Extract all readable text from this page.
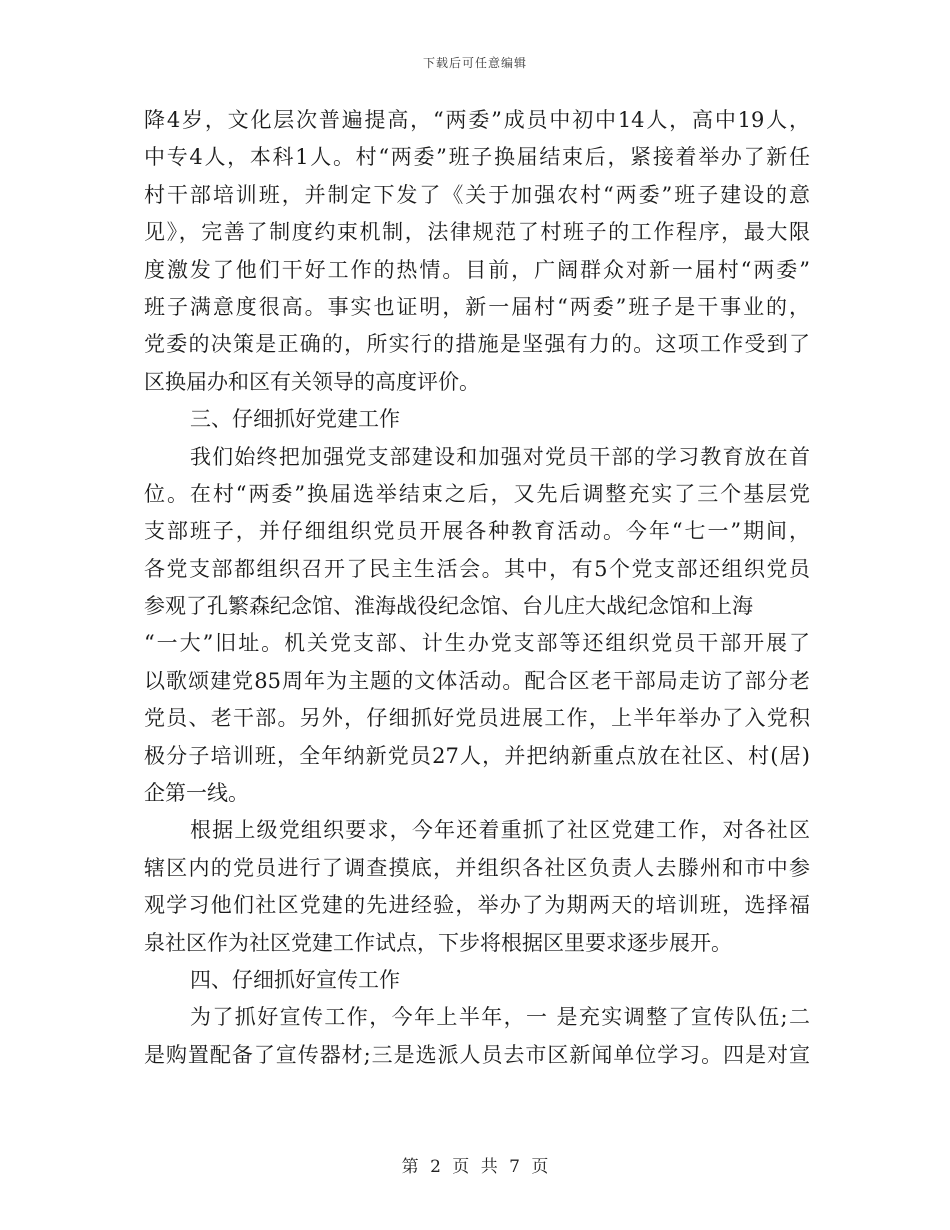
下载后可任意编辑
降4岁，文化层次普遍提高，“两委”成员中初中14人，高中19人，
中专4人，本科1人。村“两委”班子换届结束后，紧接着举办了新任
村干部培训班，并制定下发了《关于加强农村“两委”班子建设的意
见》，完善了制度约束机制，法律规范了村班子的工作程序，最大限
度激发了他们干好工作的热情。目前，广阔群众对新一届村“两委”
班子满意度很高。事实也证明，新一届村“两委”班子是干事业的，
党委的决策是正确的，所实行的措施是坚强有力的。这项工作受到了
区换届办和区有关领导的高度评价。
三、仔细抓好党建工作
我们始终把加强党支部建设和加强对党员干部的学习教育放在首
位。在村“两委”换届选举结束之后，又先后调整充实了三个基层党
支部班子，并仔细组织党员开展各种教育活动。今年“七一”期间，
各党支部都组织召开了民主生活会。其中，有5个党支部还组织党员
参观了孔繁森纪念馆、淮海战役纪念馆、台儿庄大战纪念馆和上海
“一大”旧址。机关党支部、计生办党支部等还组织党员干部开展了
以歌颂建党85周年为主题的文体活动。配合区老干部局走访了部分老
党员、老干部。另外，仔细抓好党员进展工作，上半年举办了入党积
极分子培训班，全年纳新党员27人，并把纳新重点放在社区、村(居)
企第一线。
根据上级党组织要求，今年还着重抓了社区党建工作，对各社区
辖区内的党员进行了调查摸底，并组织各社区负责人去滕州和市中参
观学习他们社区党建的先进经验，举办了为期两天的培训班，选择福
泉社区作为社区党建工作试点，下步将根据区里要求逐步展开。
四、仔细抓好宣传工作
为了抓好宣传工作，今年上半年，一 是充实调整了宣传队伍;二
是购置配备了宣传器材;三是选派人员去市区新闻单位学习。四是对宣
第 2 页 共 7 页
